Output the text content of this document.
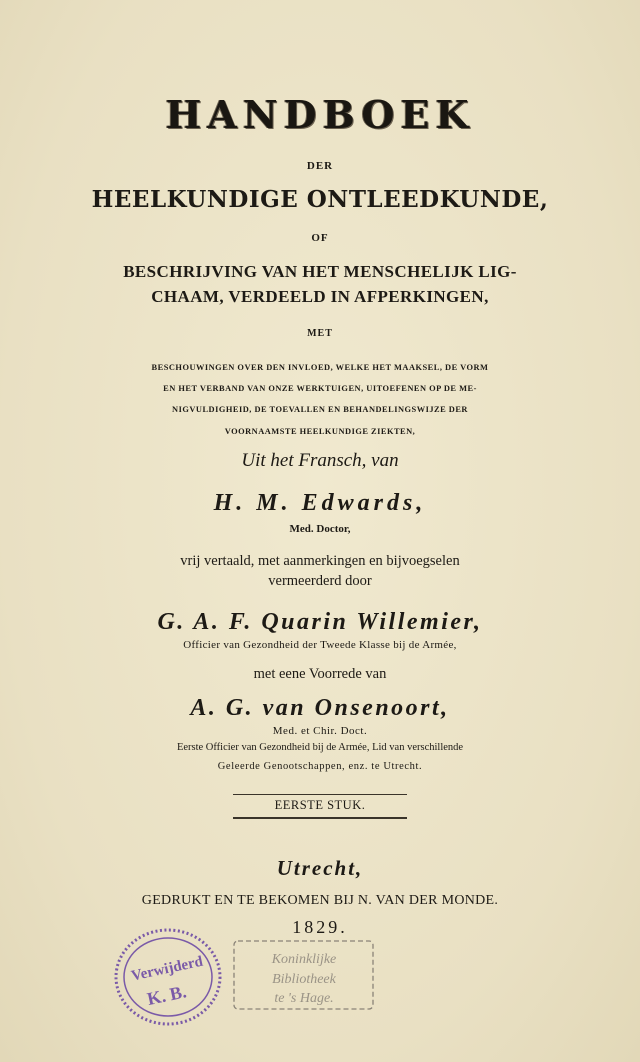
HANDBOEK
DER
HEELKUNDIGE ONTLEEDKUNDE,
OF
BESCHRIJVING VAN HET MENSCHELIJK LIG-
CHAAM, VERDEELD IN AFPERKINGEN,
MET
BESCHOUWINGEN OVER DEN INVLOED, WELKE HET MAAKSEL, DE VORM
EN HET VERBAND VAN ONZE WERKTUIGEN, UITOEFENEN OP DE ME-
NIGVULDIGHEID, DE TOEVALLEN EN BEHANDELINGSWIJZE DER
VOORNAAMSTE HEELKUNDIGE ZIEKTEN,
Uit het Fransch, van
H. M. Edwards,
Med. Doctor,
vrij vertaald, met aanmerkingen en bijvoegselen
vermeerderd door
G. A. F. Quarin Willemier,
Officier van Gezondheid der Tweede Klasse bij de Armée,
met eene Voorrede van
A. G. van Onsenoort,
Med. et Chir. Doct.
Eerste Officier van Gezondheid bij de Armée, Lid van verschillende
Geleerde Genootschappen, enz. te Utrecht.
EERSTE STUK.
Utrecht,
GEDRUKT EN TE BEKOMEN BIJ N. VAN DER MONDE.
1829.
Verwijderd
K. B.
Koninklijke
Bibliotheek
te 's Hage.
